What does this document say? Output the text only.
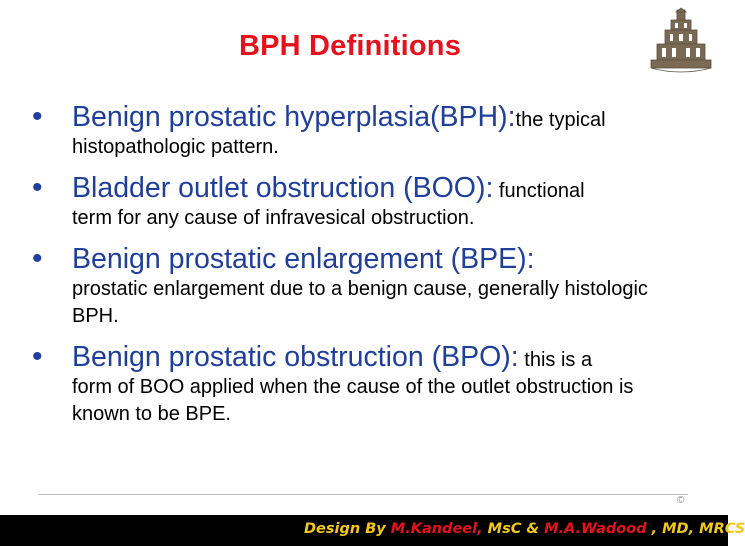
BPH Definitions
• Benign prostatic hyperplasia(BPH):the typical
histopathologic pattern.
• Bladder outlet obstruction (BOO): functional
term for any cause of infravesical obstruction.
• Benign prostatic enlargement (BPE):
prostatic enlargement due to a benign cause, generally histologic BPH.
• Benign prostatic obstruction (BPO): this is a
form of BOO applied when the cause of the outlet obstruction is known to be BPE.
©
Design By M.Kandeel, MsC & M.A.Wadood , MD, MRCS
